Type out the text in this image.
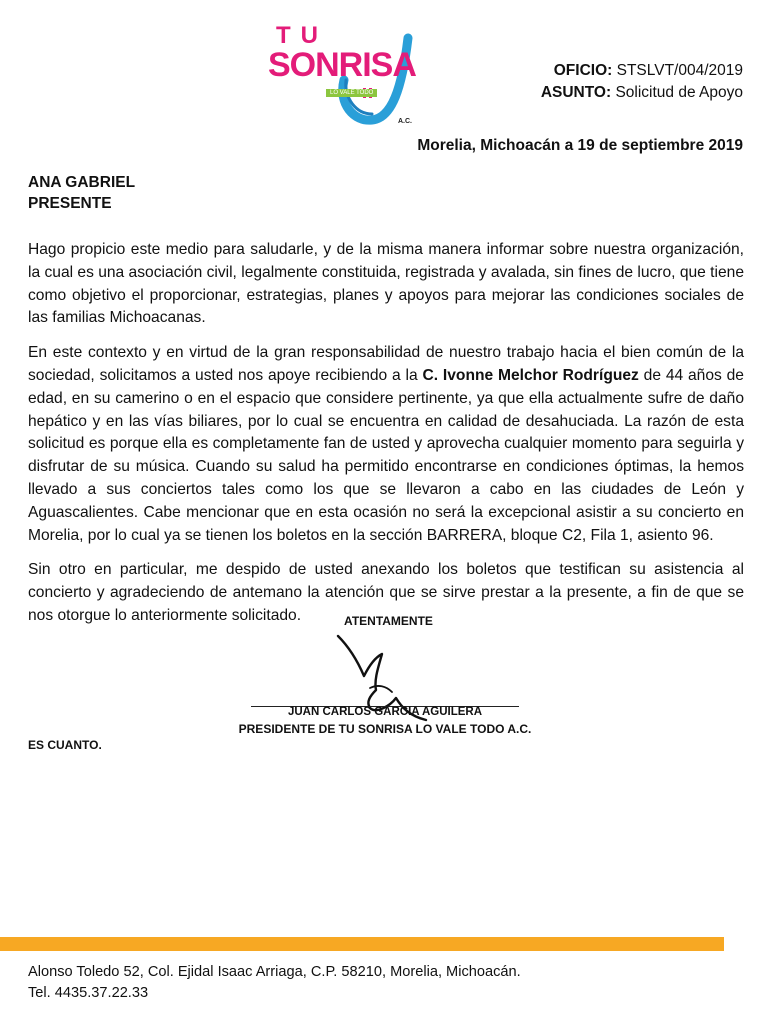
TU
SONRISA
LO VALE TODO
A.C.
OFICIO: STSLVT/004/2019
ASUNTO: Solicitud de Apoyo
Morelia, Michoacán a 19 de septiembre 2019
ANA GABRIEL
PRESENTE

Hago propicio este medio para saludarle, y de la misma manera informar sobre nuestra organización, la cual es una asociación civil, legalmente constituida, registrada y avalada, sin fines de lucro, que tiene como objetivo el proporcionar, estrategias, planes y apoyos para mejorar las condiciones sociales de las familias Michoacanas.

En este contexto y en virtud de la gran responsabilidad de nuestro trabajo hacia el bien común de la sociedad, solicitamos a usted nos apoye recibiendo a la C. Ivonne Melchor Rodríguez de 44 años de edad, en su camerino o en el espacio que considere pertinente, ya que ella actualmente sufre de daño hepático y en las vías biliares, por lo cual se encuentra en calidad de desahuciada. La razón de esta solicitud es porque ella es completamente fan de usted y aprovecha cualquier momento para seguirla y disfrutar de su música. Cuando su salud ha permitido encontrarse en condiciones óptimas, la hemos llevado a sus conciertos tales como los que se llevaron a cabo en las ciudades de León y Aguascalientes. Cabe mencionar que en esta ocasión no será la excepcional asistir a su concierto en Morelia, por lo cual ya se tienen los boletos en la sección BARRERA, bloque C2, Fila 1, asiento 96.

Sin otro en particular, me despido de usted anexando los boletos que testifican su asistencia al concierto y agradeciendo de antemano la atención que se sirve prestar a la presente, a fin de que se nos otorgue lo anteriormente solicitado.	ATENTAMENTE
JUAN CARLOS GARCIA AGUILERA
PRESIDENTE DE TU SONRISA LO VALE TODO A.C.
ES CUANTO.
Alonso Toledo 52, Col. Ejidal Isaac Arriaga, C.P. 58210, Morelia, Michoacán.
Tel. 4435.37.22.33
